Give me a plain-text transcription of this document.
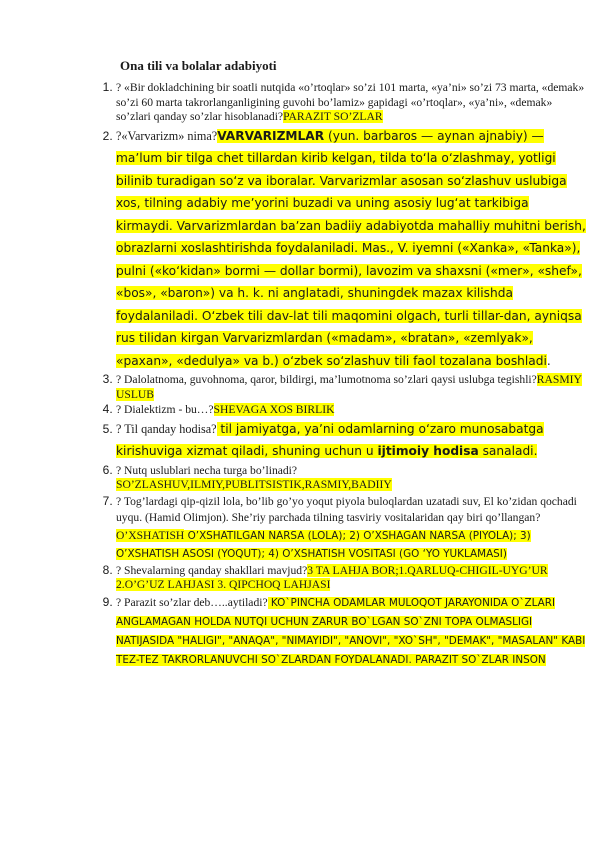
Ona tili va bolalar adabiyoti
1. ? «Bir dokladchining bir soatli nutqida «o’rtoqlar» so’zi 101 marta, «ya’ni» so’zi 73 marta, «demak» so’zi 60 marta takrorlanganligining guvohi bo’lamiz» gapidagi «o’rtoqlar», «ya’ni», «demak» so’zlari qanday so’zlar hisoblanadi?PARAZIT SO’ZLAR
2. ?«Varvarizm» nima?VARVARIZMLAR (yun. barbaros — aynan ajnabiy) — maʼlum bir tilga chet tillardan kirib kelgan, tilda toʻla oʻzlashmay, yotligi bilinib turadigan soʻz va iboralar. Varvarizmlar asosan soʻzlashuv uslubiga xos, tilning adabiy meʼyorini buzadi va uning asosiy lugʻat tarkibiga kirmaydi. Varvarizmlardan baʼzan badiiy adabiyotda mahalliy muhitni berish, obrazlarni xoslashtirishda foydalaniladi. Mas., V. iyemni («Xanka», «Tanka»), pulni («koʻkidan» bormi — dollar bormi), lavozim va shaxsni («mer», «shef», «bos», «baron») va h. k. ni anglatadi, shuningdek mazax kilishda foydalaniladi. Oʻzbek tili dav-lat tili maqomini olgach, turli tillar-dan, ayniqsa rus tilidan kirgan Varvarizmlardan («madam», «bratan», «zemlyak», «paxan», «dedulya» va b.) oʻzbek soʻzlashuv tili faol tozalana boshladi.
3. ? Dalolatnoma, guvohnoma, qaror, bildirgi, ma’lumotnoma so’zlari qaysi uslubga tegishli?RASMIY USLUB
4. ? Dialektizm - bu…?SHEVAGA XOS BIRLIK
5. ? Til qanday hodisa? til jamiyatga, yaʼni odamlarning oʻzaro munosabatga kirishuviga xizmat qiladi, shuning uchun u ijtimoiy hodisa sanaladi.
6. ? Nutq uslublari necha turga bo’linadi?
SO’ZLASHUV,ILMIY,PUBLITSISTIK,RASMIY,BADIIY
7. ? Tog’lardagi qip-qizil lola, bo’lib go’yo yoqut piyola buloqlardan uzatadi suv, El ko’zidan qochadi uyqu. (Hamid Olimjon). She’riy parchada tilning tasviriy vositalaridan qay biri qo’llangan?O’XSHATISH O’XSHATILGAN NARSA (LOLA); 2) O’XSHAGAN NARSA (PIYOLA); 3) O’XSHATISH ASOSI (YOQUT); 4) O’XSHATISH VOSITASI (GO ‘YO YUKLAMASI)
8. ? Shevalarning qanday shakllari mavjud?3 TA LAHJA BOR;1.QARLUQ-CHIGIL-UYG’UR 2.O’G’UZ LAHJASI 3. QIPCHOQ LAHJASI
9. ? Parazit so’zlar deb…..aytiladi? KO`PINCHA ODAMLAR MULOQOT JARAYONIDA O`ZLARI ANGLAMAGAN HOLDA NUTQI UCHUN ZARUR BO`LGAN SO`ZNI TOPA OLMASLIGI NATIJASIDA "HALIGI", "ANAQA", "NIMAYIDI", "ANOVI", "XO`SH", "DEMAK", "MASALAN" KABI TEZ-TEZ TAKRORLANUVCHI SO`ZLARDAN FOYDALANADI. PARAZIT SO`ZLAR INSON
